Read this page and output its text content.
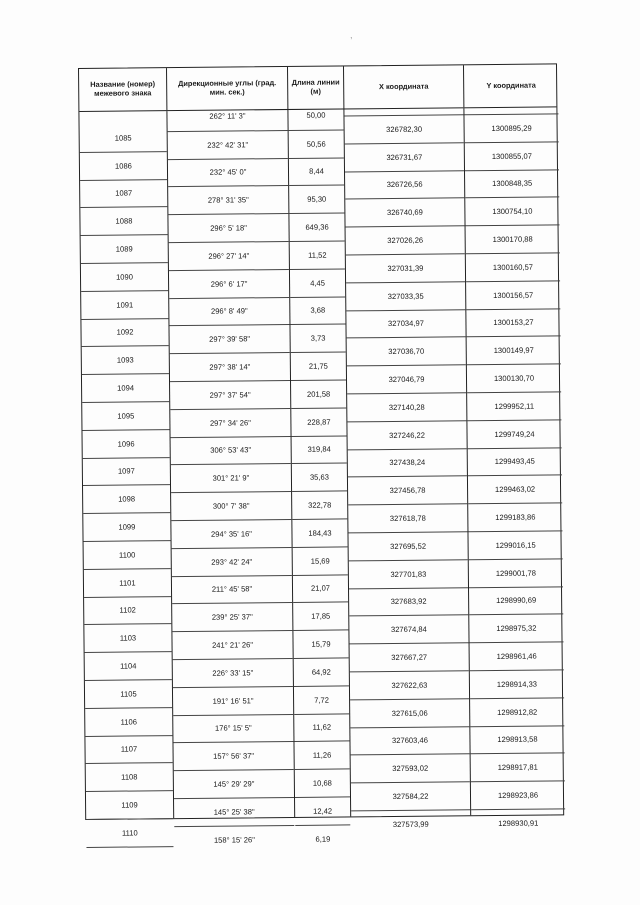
,
Название (номер) межевого знака
Дирекционные углы (град. мин. сек.)
Длина линии (м)
X координата	Y координата
1085
1086
1087
1088
1089
1090
1091
1092
1093
1094
1095
1096
1097
1098
1099
1100
1101
1102
1103
1104
1105
1106
1107
1108
1109
1110
262° 11' 3"
232° 42' 31"
232° 45' 0"
278° 31' 35"
296° 5' 18"
296° 27' 14"
296° 6' 17"
296° 8' 49"
297° 39' 58"
297° 38' 14"
297° 37' 54"
297° 34' 26"
306° 53' 43"
301° 21' 9"
300° 7' 38"
294° 35' 16"
293° 42' 24"
211° 45' 58"
239° 25' 37"
241° 21' 26"
226° 33' 15"
191° 16' 51"
176° 15' 5"
157° 56' 37"
145° 29' 29"
145° 25' 38"
158° 15' 26"
50,00
50,56
8,44
95,30
649,36
11,52
4,45
3,68
3,73
21,75
201,58
228,87
319,84
35,63
322,78
184,43
15,69
21,07
17,85
15,79
64,92
7,72
11,62
11,26
10,68
12,42
6,19
326782,30
326731,67
326726,56
326740,69
327026,26
327031,39
327033,35
327034,97
327036,70
327046,79
327140,28
327246,22
327438,24
327456,78
327618,78
327695,52
327701,83
327683,92
327674,84
327667,27
327622,63
327615,06
327603,46
327593,02
327584,22
327573,99
1300895,29
1300855,07
1300848,35
1300754,10
1300170,88
1300160,57
1300156,57
1300153,27
1300149,97
1300130,70
1299952,11
1299749,24
1299493,45
1299463,02
1299183,86
1299016,15
1299001,78
1298990,69
1298975,32
1298961,46
1298914,33
1298912,82
1298913,58
1298917,81
1298923,86
1298930,91
